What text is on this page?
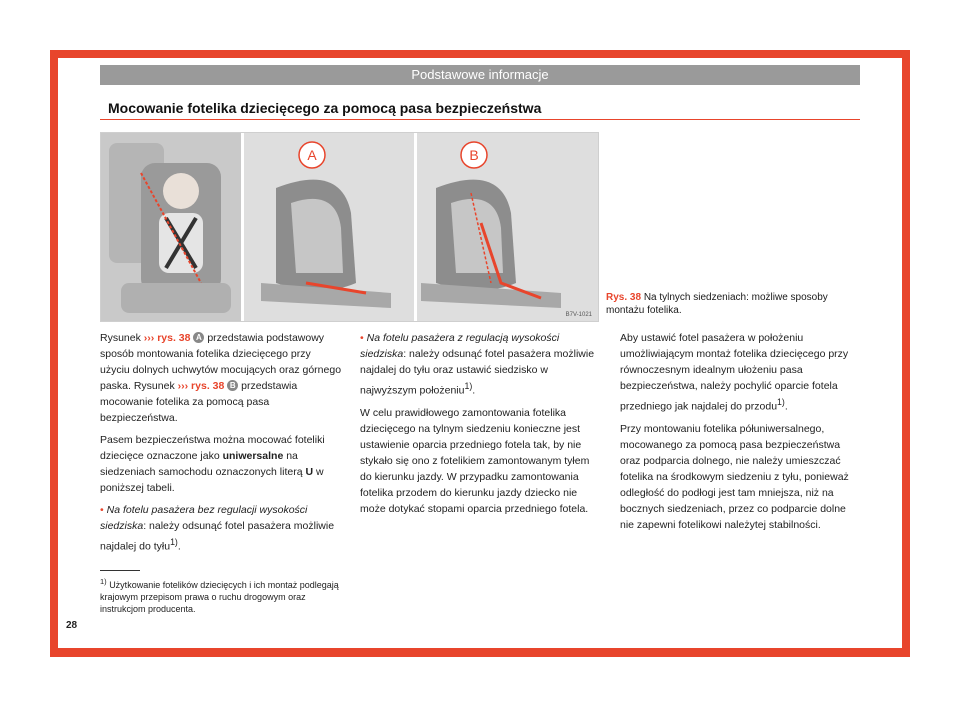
Podstawowe informacje
Mocowanie fotelika dziecięcego za pomocą pasa bezpieczeństwa
A	B
B7V-1021
Rys. 38 Na tylnych siedzeniach: możliwe sposoby montażu fotelika.

Rysunek ››› rys. 38 A przedstawia podstawowy sposób montowania fotelika dziecięcego przy użyciu dolnych uchwytów mocujących oraz górnego paska. Rysunek ››› rys. 38 B przedstawia mocowanie fotelika za pomocą pasa bezpieczeństwa.

Pasem bezpieczeństwa można mocować foteliki dziecięce oznaczone jako uniwersalne na siedzeniach samochodu oznaczonych literą U w poniższej tabeli.

• Na fotelu pasażera bez regulacji wysokości siedziska: należy odsunąć fotel pasażera możliwie najdalej do tyłu$^{1)}$.

• Na fotelu pasażera z regulacją wysokości siedziska: należy odsunąć fotel pasażera możliwie najdalej do tyłu oraz ustawić siedzisko w najwyższym położeniu$^{1)}$.

W celu prawidłowego zamontowania fotelika dziecięcego na tylnym siedzeniu konieczne jest ustawienie oparcia przedniego fotela tak, by nie stykało się ono z fotelikiem zamontowanym tyłem do kierunku jazdy. W przypadku zamontowania fotelika przodem do kierunku jazdy dziecko nie może dotykać stopami oparcia przedniego fotela.

Aby ustawić fotel pasażera w położeniu umożliwiającym montaż fotelika dziecięcego przy równoczesnym idealnym ułożeniu pasa bezpieczeństwa, należy pochylić oparcie fotela przedniego jak najdalej do przodu$^{1)}$.

Przy montowaniu fotelika półuniwersalnego, mocowanego za pomocą pasa bezpieczeństwa oraz podparcia dolnego, nie należy umieszczać fotelika na środkowym siedzeniu z tyłu, ponieważ odległość do podłogi jest tam mniejsza, niż na bocznych siedzeniach, przez co podparcie dolne nie zapewni fotelikowi należytej stabilności.

$^{1)}$ Użytkowanie fotelików dziecięcych i ich montaż podlegają krajowym przepisom prawa o ruchu drogowym oraz instrukcjom producenta.
28
